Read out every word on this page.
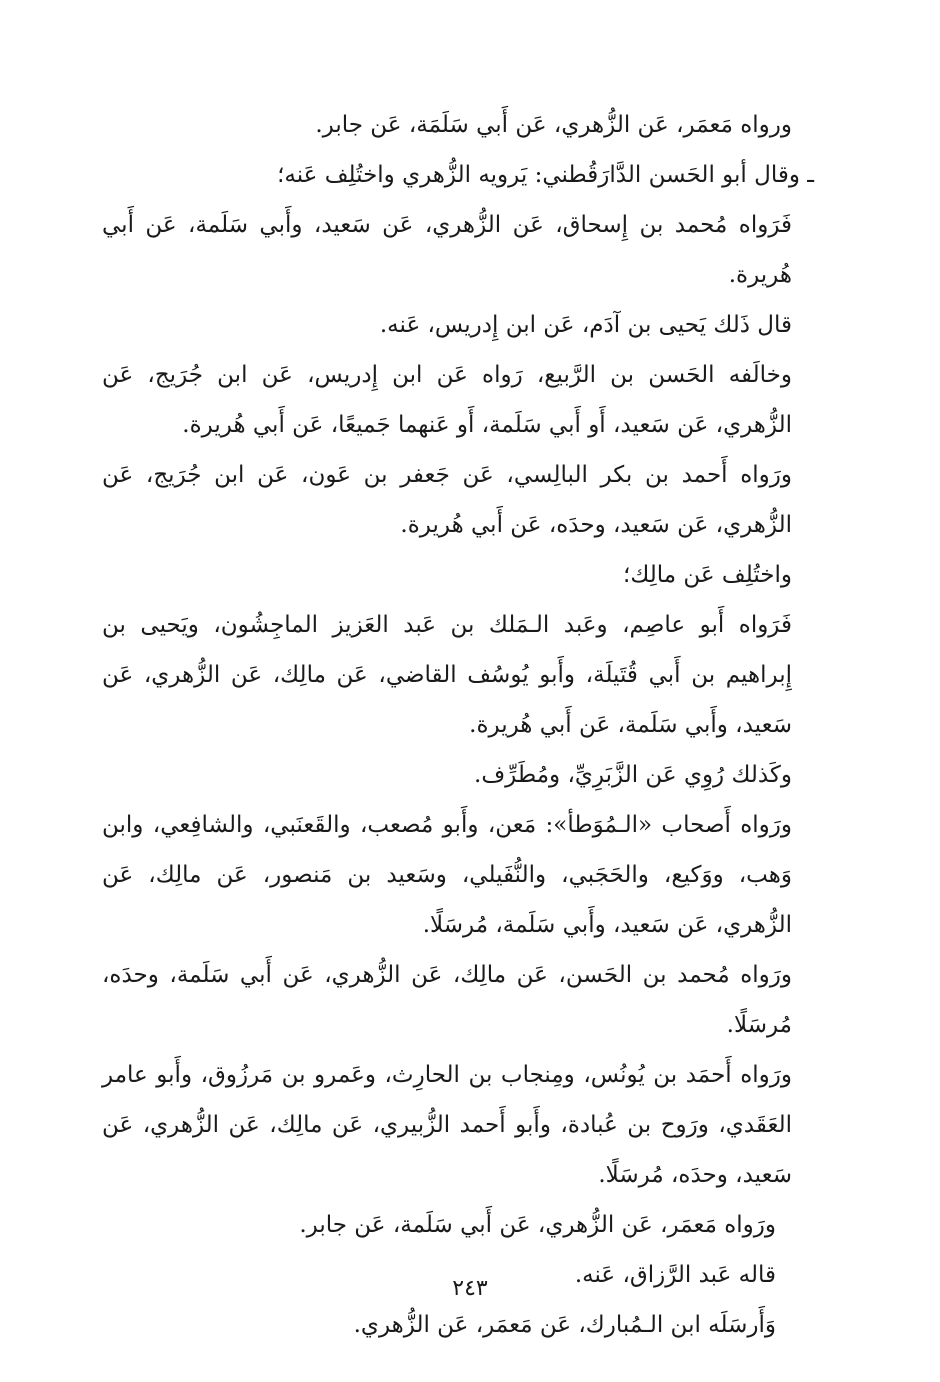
ورواه مَعمَر، عَن الزُّهري، عَن أَبي سَلَمَة، عَن جابر.

ـ وقال أبو الحَسن الدَّارَقُطني: يَرويه الزُّهري واختُلِف عَنه؛

فَرَواه مُحمد بن إِسحاق، عَن الزُّهري، عَن سَعيد، وأَبي سَلَمة، عَن أَبي هُريرة.

قال ذَلك يَحيى بن آدَم، عَن ابن إِدريس، عَنه.

وخالَفه الحَسن بن الرَّبيع، رَواه عَن ابن إِدريس، عَن ابن جُرَيج، عَن الزُّهري، عَن سَعيد، أَو أَبي سَلَمة، أَو عَنهما جَميعًا، عَن أَبي هُريرة.

ورَواه أَحمد بن بكر البالِسي، عَن جَعفر بن عَون، عَن ابن جُرَيج، عَن الزُّهري، عَن سَعيد، وحدَه، عَن أَبي هُريرة.

واختُلِف عَن مالِك؛

فَرَواه أَبو عاصِم، وعَبد الـمَلك بن عَبد العَزيز الماجِشُون، ويَحيى بن إِبراهيم بن أَبي قُتَيلَة، وأَبو يُوسُف القاضي، عَن مالِك، عَن الزُّهري، عَن سَعيد، وأَبي سَلَمة، عَن أَبي هُريرة.

وكَذلك رُوِي عَن الزَّبَرِيِّ، ومُطَرِّف.

ورَواه أَصحاب «الـمُوَطأ»: مَعن، وأَبو مُصعب، والقَعنَبي، والشافِعي، وابن وَهب، ووَكيع، والحَجَبي، والنُّفَيلي، وسَعيد بن مَنصور، عَن مالِك، عَن الزُّهري، عَن سَعيد، وأَبي سَلَمة، مُرسَلًا.

ورَواه مُحمد بن الحَسن، عَن مالِك، عَن الزُّهري، عَن أَبي سَلَمة، وحدَه، مُرسَلًا.

ورَواه أَحمَد بن يُونُس، ومِنجاب بن الحارِث، وعَمرو بن مَرزُوق، وأَبو عامر العَقَدي، ورَوح بن عُبادة، وأَبو أَحمد الزُّبيري، عَن مالِك، عَن الزُّهري، عَن سَعيد، وحدَه، مُرسَلًا.

ورَواه مَعمَر، عَن الزُّهري، عَن أَبي سَلَمة، عَن جابر.

قاله عَبد الرَّزاق، عَنه.

وَأَرسَلَه ابن الـمُبارك، عَن مَعمَر، عَن الزُّهري.

٢٤٣
